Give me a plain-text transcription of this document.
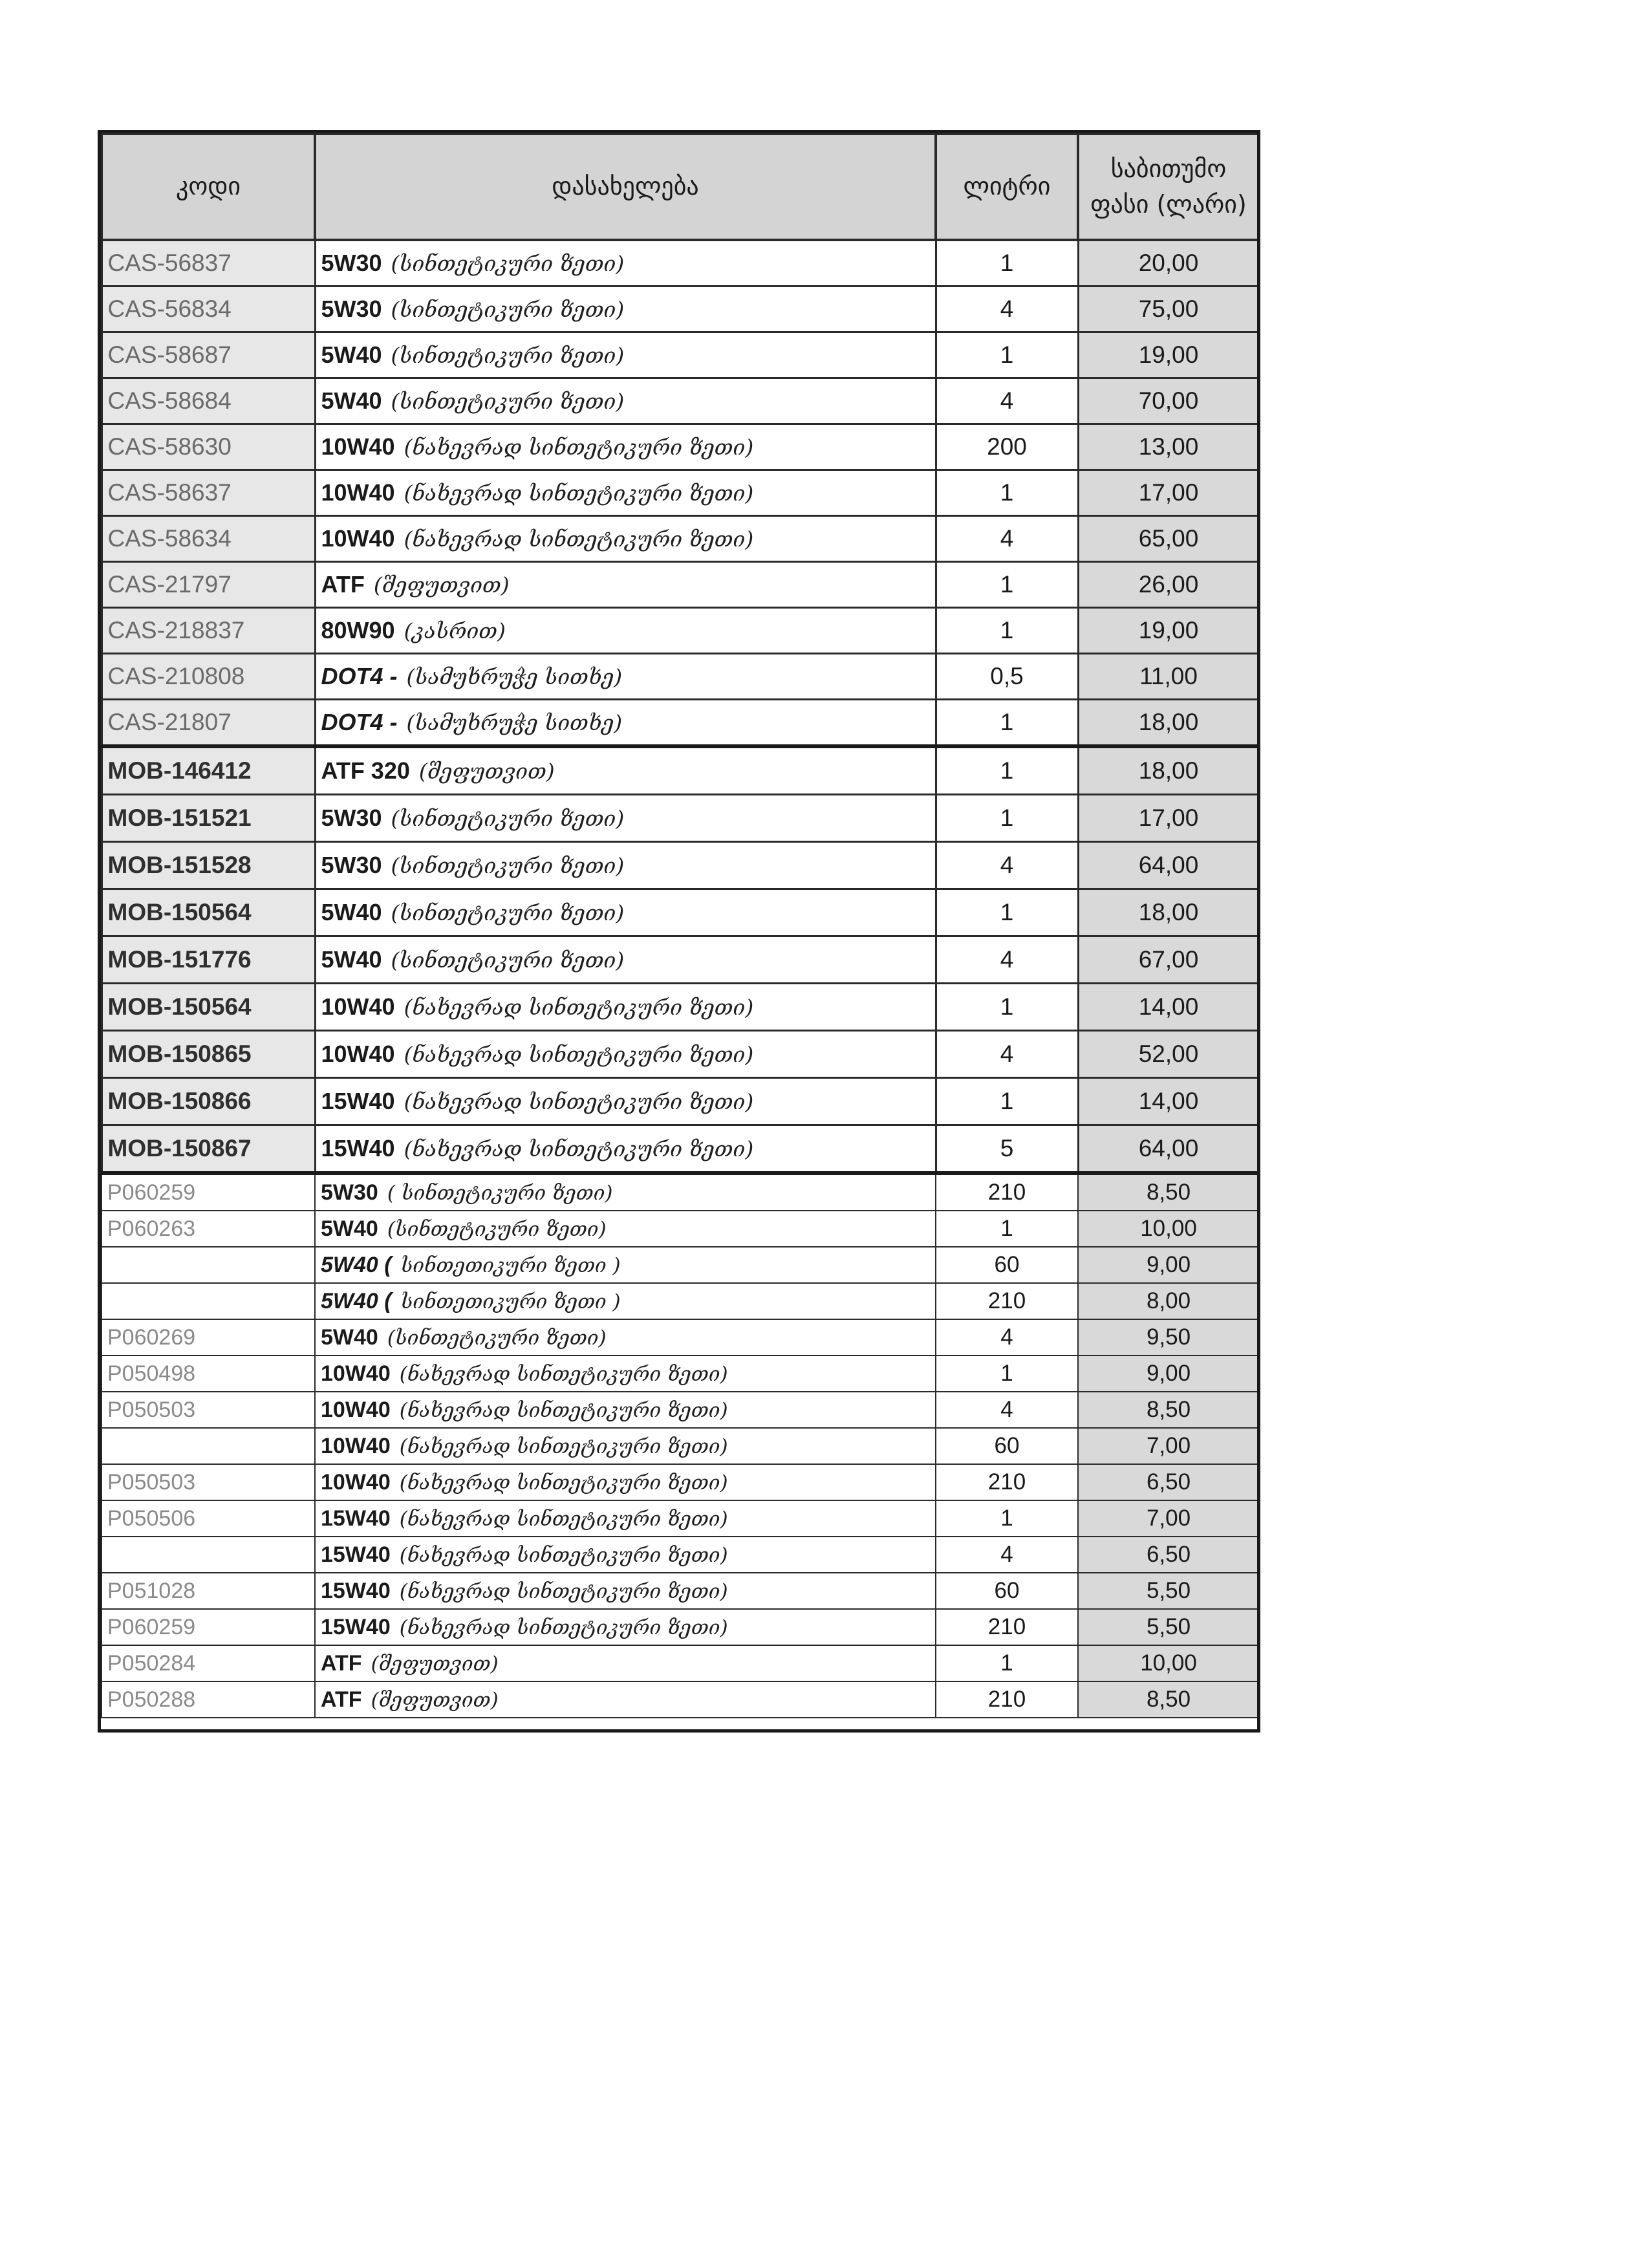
კოდი	დასახელება	ლიტრი	საბითუმო
ფასი (ლარი)

CAS-56837	5W30 (სინთეტიკური ზეთი)	1	20,00
CAS-56834	5W30 (სინთეტიკური ზეთი)	4	75,00
CAS-58687	5W40 (სინთეტიკური ზეთი)	1	19,00
CAS-58684	5W40 (სინთეტიკური ზეთი)	4	70,00
CAS-58630	10W40 (ნახევრად სინთეტიკური ზეთი)	200	13,00
CAS-58637	10W40 (ნახევრად სინთეტიკური ზეთი)	1	17,00
CAS-58634	10W40 (ნახევრად სინთეტიკური ზეთი)	4	65,00
CAS-21797	ATF (შეფუთვით)	1	26,00
CAS-218837	80W90 (კასრით)	1	19,00
CAS-210808	DOT4 - (სამუხრუჭე სითხე)	0,5	11,00
CAS-21807	DOT4 - (სამუხრუჭე სითხე)	1	18,00
MOB-146412	ATF 320 (შეფუთვით)	1	18,00
MOB-151521	5W30 (სინთეტიკური ზეთი)	1	17,00
MOB-151528	5W30 (სინთეტიკური ზეთი)	4	64,00
MOB-150564	5W40 (სინთეტიკური ზეთი)	1	18,00
MOB-151776	5W40 (სინთეტიკური ზეთი)	4	67,00
MOB-150564	10W40 (ნახევრად სინთეტიკური ზეთი)	1	14,00
MOB-150865	10W40 (ნახევრად სინთეტიკური ზეთი)	4	52,00
MOB-150866	15W40 (ნახევრად სინთეტიკური ზეთი)	1	14,00
MOB-150867	15W40 (ნახევრად სინთეტიკური ზეთი)	5	64,00
P060259	5W30 ( სინთეტიკური ზეთი)	210	8,50
P060263	5W40 (სინთეტიკური ზეთი)	1	10,00
	5W40 ( სინთეთიკური ზეთი )	60	9,00
	5W40 ( სინთეთიკური ზეთი )	210	8,00
P060269	5W40 (სინთეტიკური ზეთი)	4	9,50
P050498	10W40 (ნახევრად სინთეტიკური ზეთი)	1	9,00
P050503	10W40 (ნახევრად სინთეტიკური ზეთი)	4	8,50
	10W40 (ნახევრად სინთეტიკური ზეთი)	60	7,00
P050503	10W40 (ნახევრად სინთეტიკური ზეთი)	210	6,50
P050506	15W40 (ნახევრად სინთეტიკური ზეთი)	1	7,00
	15W40 (ნახევრად სინთეტიკური ზეთი)	4	6,50
P051028	15W40 (ნახევრად სინთეტიკური ზეთი)	60	5,50
P060259	15W40 (ნახევრად სინთეტიკური ზეთი)	210	5,50
P050284	ATF (შეფუთვით)	1	10,00
P050288	ATF (შეფუთვით)	210	8,50
